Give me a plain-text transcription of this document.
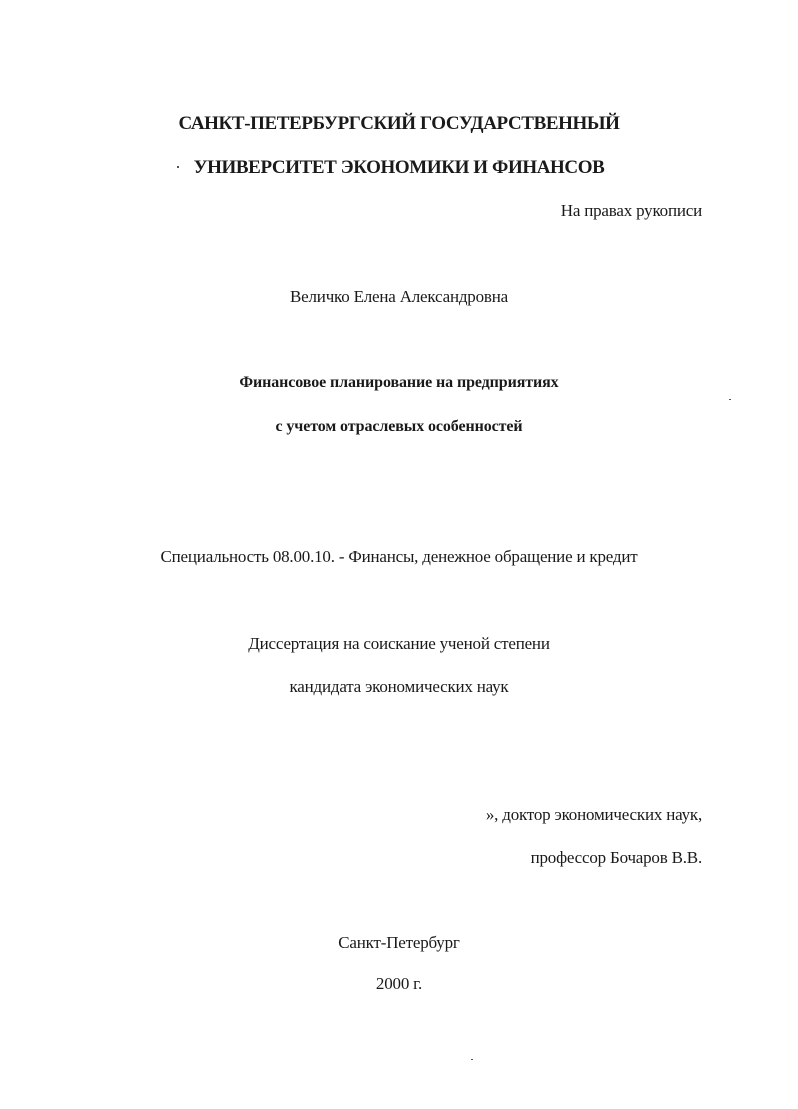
САНКТ-ПЕТЕРБУРГСКИЙ ГОСУДАРСТВЕННЫЙ

УНИВЕРСИТЕТ ЭКОНОМИКИ И ФИНАНСОВ

На правах рукописи

Величко Елена Александровна

Финансовое планирование на предприятиях

с учетом отраслевых особенностей

Специальность 08.00.10. - Финансы, денежное обращение и кредит

Диссертация на соискание ученой степени

кандидата экономических наук

», доктор экономических наук,

профессор Бочаров В.В.

Санкт-Петербург

2000 г.
